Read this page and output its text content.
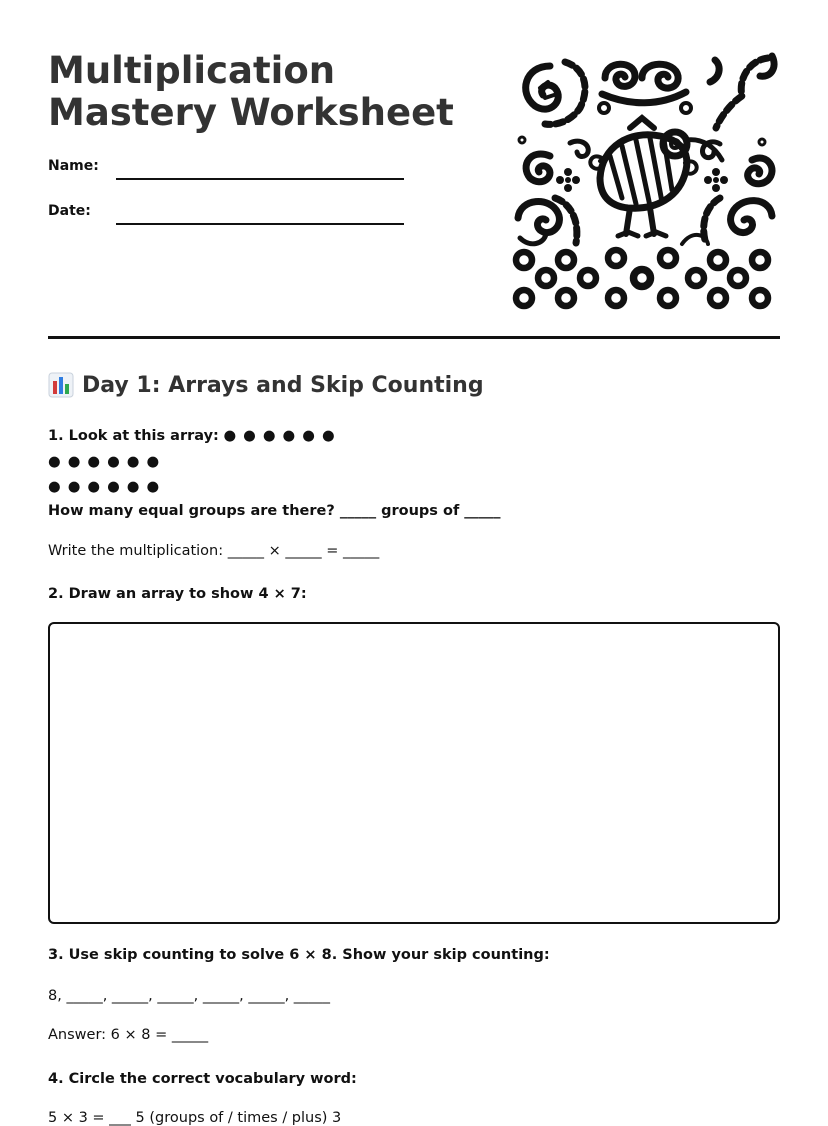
Multiplication Mastery Worksheet
Name:
Date:
Day 1: Arrays and Skip Counting
1. Look at this array: ● ● ● ● ● ●
● ● ● ● ● ●
● ● ● ● ● ●
How many equal groups are there? _____ groups of _____
Write the multiplication: _____ × _____ = _____
2. Draw an array to show 4 × 7:
3. Use skip counting to solve 6 × 8. Show your skip counting:
8, _____, _____, _____, _____, _____, _____
Answer: 6 × 8 = _____
4. Circle the correct vocabulary word:
5 × 3 = ___ 5 (groups of / times / plus) 3
